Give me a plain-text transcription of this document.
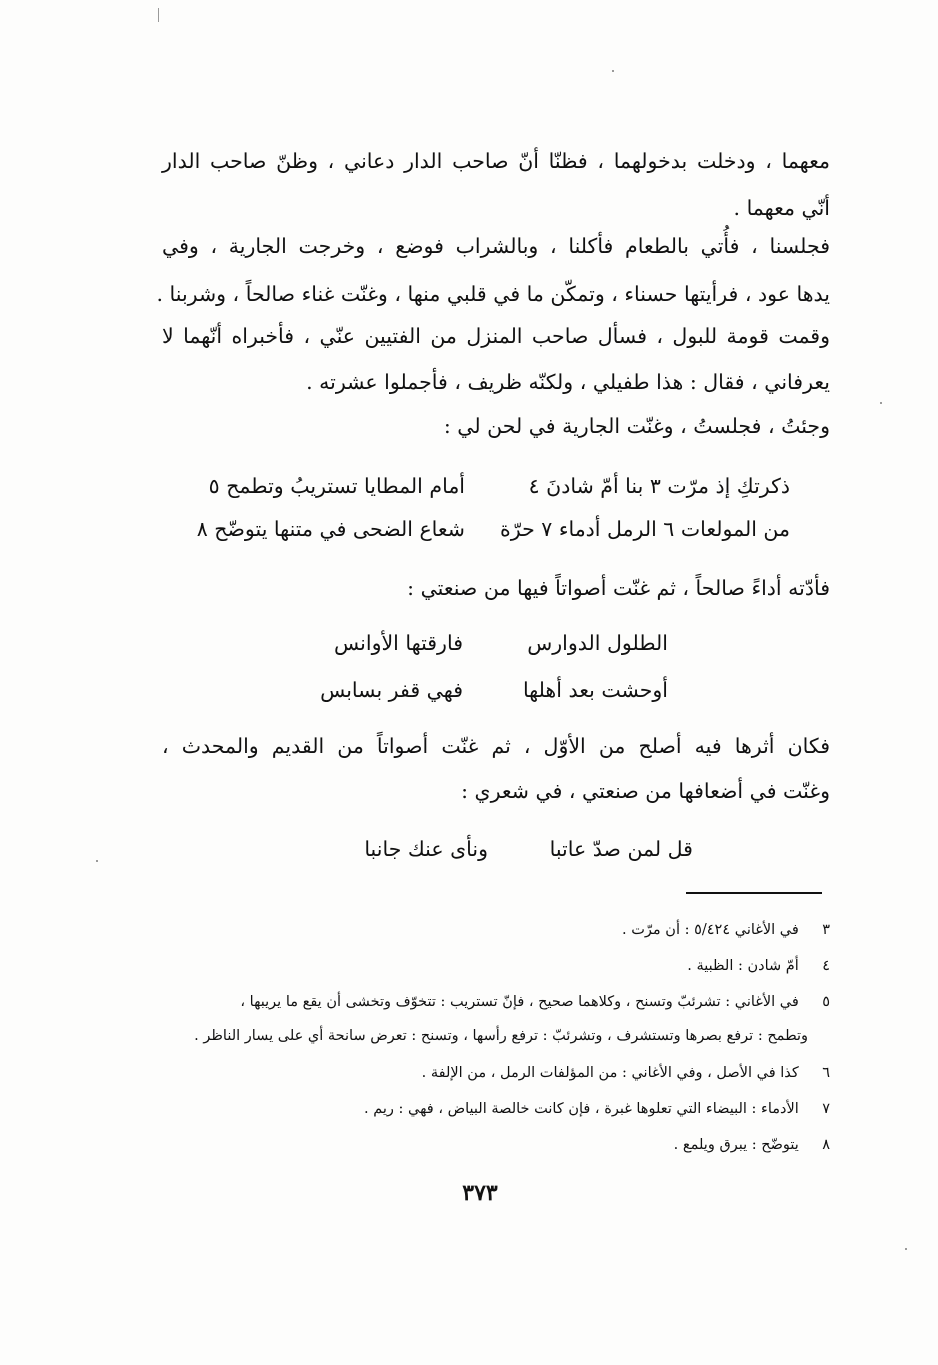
معهما ، ودخلت بدخولهما ، فظنّا أنّ صاحب الدار دعاني ، وظنّ صاحب الدار
أنّي معهما .
فجلسنا ، فأُتي بالطعام فأكلنا ، وبالشراب فوضع ، وخرجت الجارية ، وفي
يدها عود ، فرأيتها حسناء ، وتمكّن ما في قلبي منها ، وغنّت غناء صالحاً ، وشربنا .
وقمت قومة للبول ، فسأل صاحب المنزل من الفتيين عنّي ، فأخبراه أنّهما لا
يعرفاني ، فقال : هذا طفيلي ، ولكنّه ظريف ، فأجملوا عشرته .
وجئتُ ، فجلستُ ، وغنّت الجارية في لحن لي :
ذكرتكِ إذ مرّت ٣ بنا أمّ شادنَ ٤
أمام المطايا تستريبُ وتطمح ٥
من المولعات ٦ الرمل أدماء ٧ حرّة
شعاع الضحى في متنها يتوضّح ٨
فأدّته أداءً صالحاً ، ثم غنّت أصواتاً فيها من صنعتي :
الطلول الدوارس
فارقتها الأوانس
أوحشت بعد أهلها
فهي قفر بسابس
فكان أثرها فيه أصلح من الأوّل ، ثم غنّت أصواتاً من القديم والمحدث ،
وغنّت في أضعافها من صنعتي ، في شعري :
قل لمن صدّ عاتبا
ونأى عنك جانبا
٣  في الأغاني ٥/٤٢٤ : أن مرّت .
٤  أمّ شادن : الظبية .
٥  في الأغاني : تشرئبّ وتسنح ، وكلاهما صحيح ، فإنّ تستريب : تتخوّف وتخشى أن يقع ما يريبها ،
وتطمح : ترفع بصرها وتستشرف ، وتشرئبّ : ترفع رأسها ، وتسنح : تعرض سانحة أي على يسار الناظر .
٦  كذا في الأصل ، وفي الأغاني : من المؤلفات الرمل ، من الإلفة .
٧  الأدماء : البيضاء التي تعلوها غبرة ، فإن كانت خالصة البياض ، فهي : ريم .
٨  يتوضّح : يبرق ويلمع .
٣٧٣
